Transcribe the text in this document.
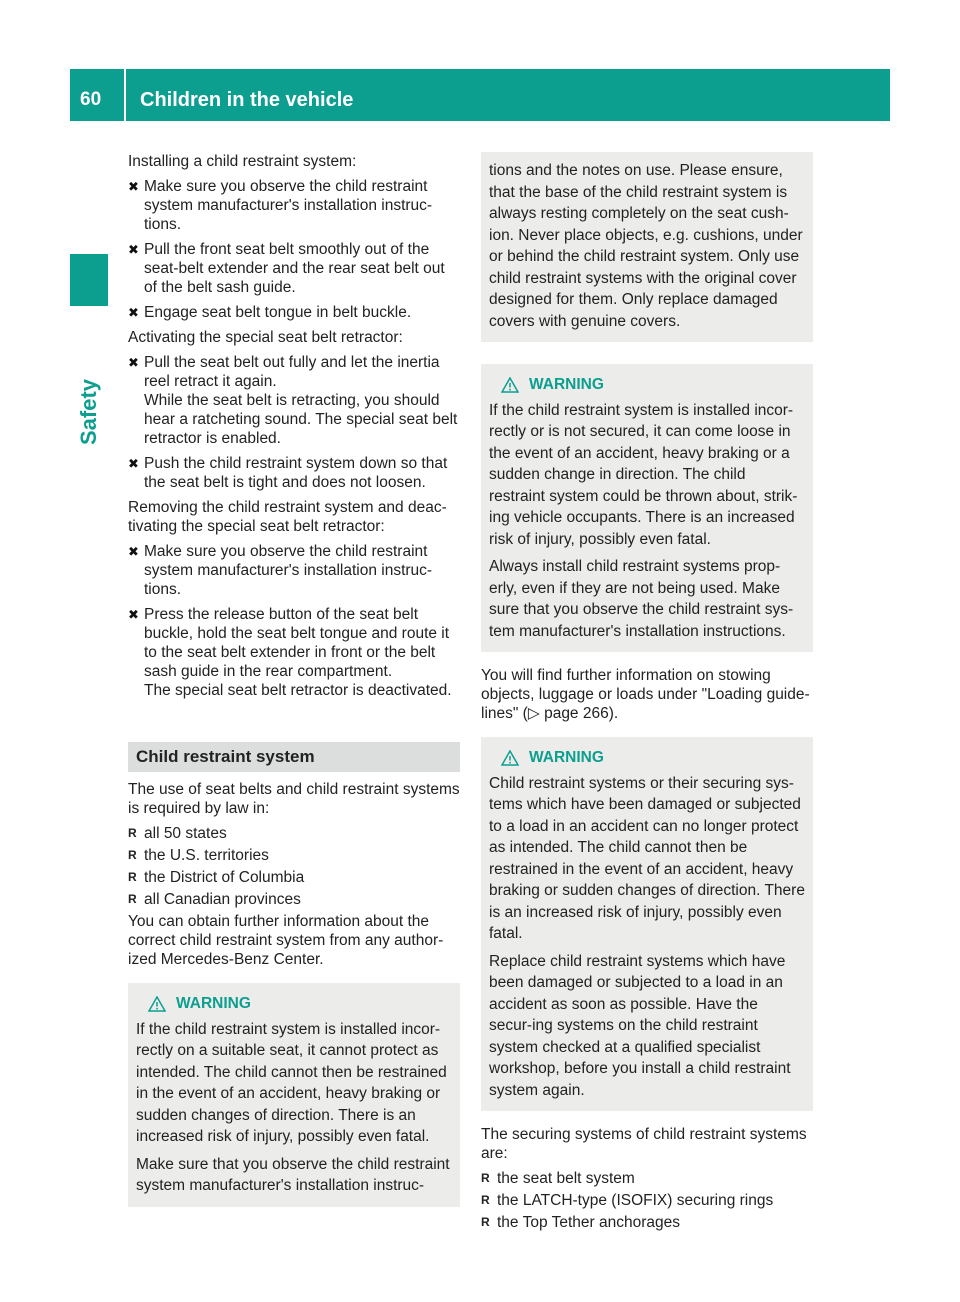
60 Children in the vehicle
Safety

Installing a child restraint system:

✖ Make sure you observe the child restraint system manufacturer's installation instruc-tions.
✖ Pull the front seat belt smoothly out of the seat-belt extender and the rear seat belt out of the belt sash guide.
✖ Engage seat belt tongue in belt buckle.

Activating the special seat belt retractor:

✖ Pull the seat belt out fully and let the inertia reel retract it again.
While the seat belt is retracting, you should hear a ratcheting sound. The special seat belt retractor is enabled.
✖ Push the child restraint system down so that the seat belt is tight and does not loosen.

Removing the child restraint system and deac-tivating the special seat belt retractor:

✖ Make sure you observe the child restraint system manufacturer's installation instruc-tions.
✖ Press the release button of the seat belt buckle, hold the seat belt tongue and route it to the seat belt extender in front or the belt sash guide in the rear compartment.
The special seat belt retractor is deactivated.
Child restraint system

The use of seat belts and child restraint systems is required by law in:

R all 50 states
R the U.S. territories
R the District of Columbia
R all Canadian provinces

You can obtain further information about the correct child restraint system from any author-ized Mercedes-Benz Center.

WARNING

If the child restraint system is installed incor-rectly on a suitable seat, it cannot protect as intended. The child cannot then be restrained in the event of an accident, heavy braking or sudden changes of direction. There is an increased risk of injury, possibly even fatal.

Make sure that you observe the child restraint system manufacturer's installation instruc-

tions and the notes on use. Please ensure, that the base of the child restraint system is always resting completely on the seat cush-ion. Never place objects, e.g. cushions, under or behind the child restraint system. Only use child restraint systems with the original cover designed for them. Only replace damaged covers with genuine covers.

WARNING

If the child restraint system is installed incor-rectly or is not secured, it can come loose in the event of an accident, heavy braking or a sudden change in direction. The child restraint system could be thrown about, strik-ing vehicle occupants. There is an increased risk of injury, possibly even fatal.

Always install child restraint systems prop-erly, even if they are not being used. Make sure that you observe the child restraint sys-tem manufacturer's installation instructions.

You will find further information on stowing objects, luggage or loads under "Loading guide-lines" (▷ page 266).

WARNING

Child restraint systems or their securing sys-tems which have been damaged or subjected to a load in an accident can no longer protect as intended. The child cannot then be restrained in the event of an accident, heavy braking or sudden changes of direction. There is an increased risk of injury, possibly even fatal.

Replace child restraint systems which have been damaged or subjected to a load in an accident as soon as possible. Have the secur-ing systems on the child restraint system checked at a qualified specialist workshop, before you install a child restraint system again.

The securing systems of child restraint systems are:

R the seat belt system
R the LATCH-type (ISOFIX) securing rings
R the Top Tether anchorages
